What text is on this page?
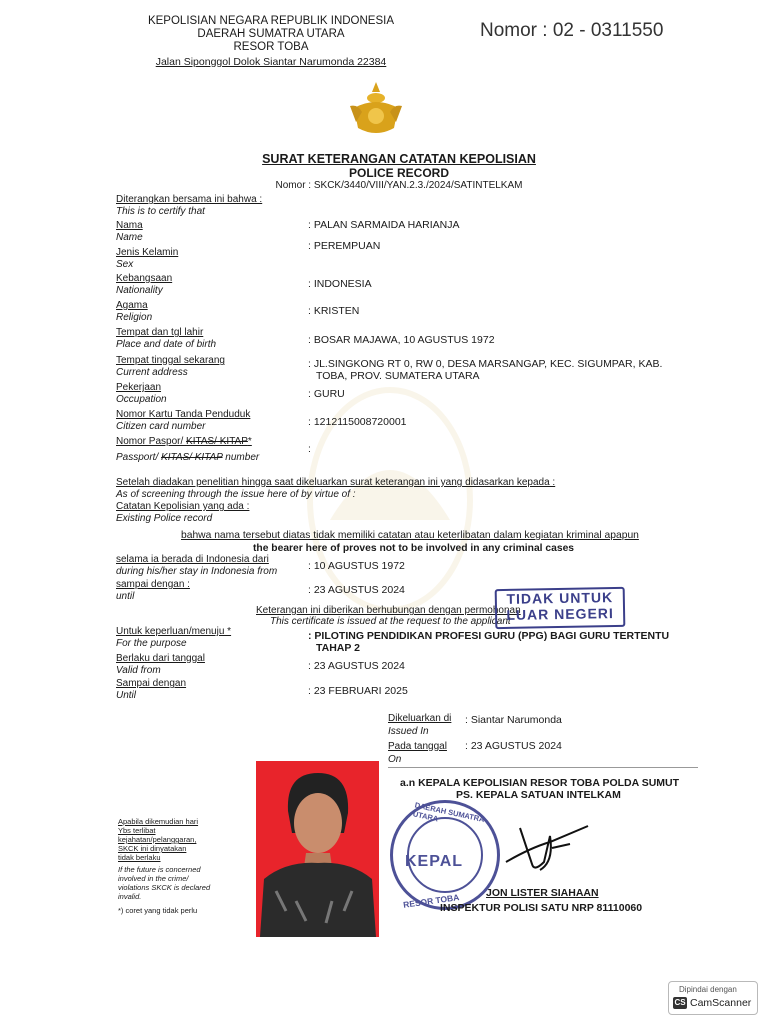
KEPOLISIAN NEGARA REPUBLIK INDONESIA
DAERAH SUMATRA UTARA
RESOR TOBA
Jalan Siponggol Dolok Siantar Narumonda 22384
Nomor : 02 - 0311550
SURAT KETERANGAN CATATAN KEPOLISIAN
POLICE RECORD
Nomor : SKCK/3440/VIII/YAN.2.3./2024/SATINTELKAM
Diterangkan bersama ini bahwa :
This is to certify that
Nama
Name
: PALAN SARMAIDA HARIANJA
Jenis Kelamin
Sex
: PEREMPUAN
Kebangsaan
Nationality
: INDONESIA
Agama
Religion
: KRISTEN
Tempat dan tgl lahir
Place and date of birth	: BOSAR MAJAWA, 10 AGUSTUS 1972
Tempat tinggal sekarang
Current address
: JL.SINGKONG RT 0, RW 0, DESA MARSANGAP, KEC. SIGUMPAR, KAB.
TOBA, PROV. SUMATERA UTARA
Pekerjaan
Occupation	: GURU
Nomor Kartu Tanda Penduduk
Citizen card number	: 1212115008720001
Nomor Paspor/ KITAS/ KITAP*
Passport/ KITAS/ KITAP number
:
Setelah diadakan penelitian hingga saat dikeluarkan surat keterangan ini yang didasarkan kepada :
As of screening through the issue here of by virtue of :
Catatan Kepolisian yang ada :
Existing Police record
bahwa nama tersebut diatas tidak memiliki catatan atau keterlibatan dalam kegiatan kriminal apapun
the bearer here of proves not to be involved in any criminal cases
selama ia berada di Indonesia dari
during his/her stay in Indonesia from	: 10 AGUSTUS 1972
sampai dengan :
until
: 23 AGUSTUS 2024
Keterangan ini diberikan berhubungan dengan permohonan
This certificate is issued at the request to the applicant
TIDAK UNTUK
LUAR NEGERI
Untuk keperluan/menuju *
For the purpose
: PILOTING PENDIDIKAN PROFESI GURU (PPG) BAGI GURU TERTENTU
TAHAP 2
Berlaku dari tanggal
Valid from	: 23 AGUSTUS 2024
Sampai dengan
Until	: 23 FEBRUARI 2025
Dikeluarkan di
Issued In
: Siantar Narumonda
Pada tanggal
On
: 23 AGUSTUS 2024
a.n KEPALA KEPOLISIAN RESOR TOBA POLDA SUMUT
PS. KEPALA SATUAN INTELKAM
DAERAH SUMATRA UTARA
KEPAL
RESOR TOBA JON LISTER SIAHAAN
INSPEKTUR POLISI SATU NRP 81110060
Apabila dikemudian hari
Ybs terlibat
kejahatan/pelanggaran,
SKCK ini dinyatakan
tidak berlaku
If the future is concerned
involved in the crime/
violations SKCK is declared
invalid.
*) coret yang tidak perlu
Dipindai dengan
CS CamScanner
